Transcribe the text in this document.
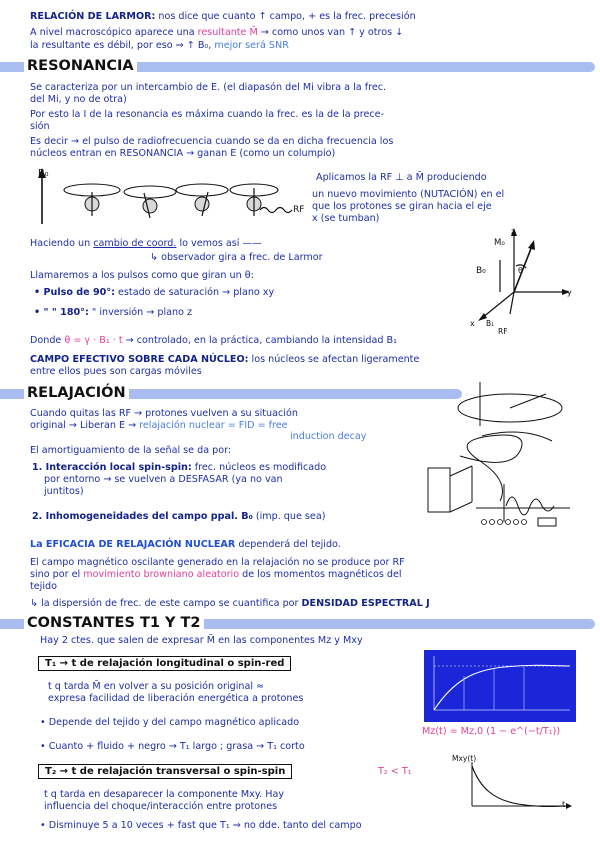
RELACIÓN DE LARMOR: nos dice que cuanto ↑ campo, + es la frec. precesión
A nivel macroscópico aparece una resultante M̄ → como unos van ↑ y otros ↓
la resultante es débil, por eso ⇒ ↑ B₀, mejor será SNR
RESONANCIA
Se caracteriza por un intercambio de E. (el diapasón del Mi vibra a la frec.
del Mi, y no de otra)
Por esto la I de la resonancia es máxima cuando la frec. es la de la prece-
sión
Es decir → el pulso de radiofrecuencia cuando se da en dicha frecuencia los
núcleos entran en RESONANCIA → ganan E (como un columpio)
B₀
RF
Aplicamos la RF ⊥ a M̄ produciendo
un nuevo movimiento (NUTACIÓN) en el
que los protones se giran hacia el eje
x (se tumban)
Haciendo un cambio de coord. lo vemos así ——
↳ observador gira a frec. de Larmor
Llamaremos a los pulsos como que giran un θ:
• Pulso de 90°: estado de saturación → plano xy
• " " 180°: " inversión → plano z
z
M₀
B₀	θ
x
y
B₁
RF
Donde θ = γ · B₁ · t → controlado, en la práctica, cambiando la intensidad B₁
CAMPO EFECTIVO SOBRE CADA NÚCLEO: los núcleos se afectan ligeramente
entre ellos pues son cargas móviles
RELAJACIÓN
Cuando quitas las RF → protones vuelven a su situación
original → Liberan E → relajación nuclear = FID = free
induction decay
El amortiguamiento de la señal se da por:
1. Interacción local spin-spin: frec. núcleos es modificado
por entorno → se vuelven a DESFASAR (ya no van
juntitos)
2. Inhomogeneidades del campo ppal. B₀ (imp. que sea)
La EFICACIA DE RELAJACIÓN NUCLEAR dependerá del tejido.
El campo magnético oscilante generado en la relajación no se produce por RF
sino por el movimiento browniano aleatorio de los momentos magnéticos del
tejido
↳ la dispersión de frec. de este campo se cuantifica por DENSIDAD ESPECTRAL J
CONSTANTES T1 Y T2
Hay 2 ctes. que salen de expresar M̄ en las componentes Mz y Mxy
T₁ → t de relajación longitudinal o spin-red
t q tarda M̄ en volver a su posición original ≈
expresa facilidad de liberación energética a protones
• Depende del tejido y del campo magnético aplicado
• Cuanto + fluido + negro → T₁ largo ; grasa → T₁ corto
Mz(t) = Mz,0 (1 − e^(−t/T₁))
T₂ → t de relajación transversal o spin-spin	T₂ < T₁
t q tarda en desaparecer la componente Mxy. Hay
influencia del choque/interacción entre protones
• Disminuye 5 a 10 veces + fast que T₁ ⇒ no dde. tanto del campo
Mxy(t)
t
